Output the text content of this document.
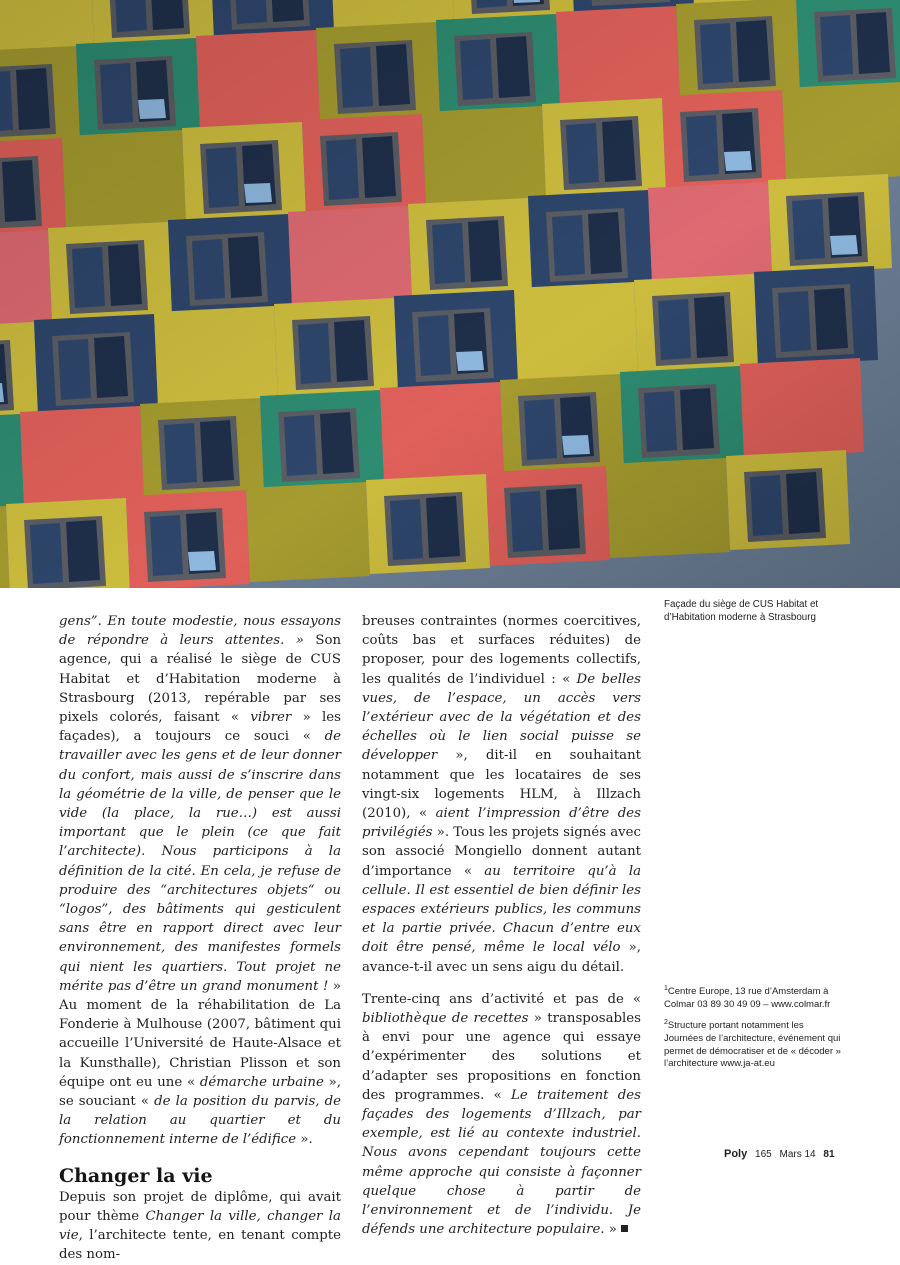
Façade du siège de CUS Habitat et d’Habitation moderne à Strasbourg

gens”. En toute modestie, nous essayons de répondre à leurs attentes. » Son agence, qui a réalisé le siège de CUS Habitat et d’Habitation moderne à Strasbourg (2013, repérable par ses pixels colorés, faisant « vibrer » les façades), a toujours ce souci « de travailler avec les gens et de leur donner du confort, mais aussi de s’inscrire dans la géométrie de la ville, de penser que le vide (la place, la rue…) est aussi important que le plein (ce que fait l’architecte). Nous participons à la définition de la cité. En cela, je refuse de produire des “architectures objets“ ou “logos”, des bâtiments qui gesticulent sans être en rapport direct avec leur environnement, des manifestes formels qui nient les quartiers. Tout projet ne mérite pas d’être un grand monument ! » Au moment de la réhabilitation de La Fonderie à Mulhouse (2007, bâtiment qui accueille l’Université de Haute-Alsace et la Kunsthalle), Christian Plisson et son équipe ont eu une « démarche urbaine », se souciant « de la position du parvis, de la relation au quartier et du fonctionnement interne de l’édifice ».

Changer la vie

Depuis son projet de diplôme, qui avait pour thème Changer la ville, changer la vie, l’architecte tente, en tenant compte des nom-

breuses contraintes (normes coercitives, coûts bas et surfaces réduites) de proposer, pour des logements collectifs, les qualités de l’individuel : « De belles vues, de l’espace, un accès vers l’extérieur avec de la végétation et des échelles où le lien social puisse se développer », dit-il en souhaitant notamment que les locataires de ses vingt-six logements HLM, à Illzach (2010), « aient l’impression d’être des privilégiés ». Tous les projets signés avec son associé Mongiello donnent autant d’importance « au territoire qu’à la cellule. Il est essentiel de bien définir les espaces extérieurs publics, les communs et la partie privée. Chacun d’entre eux doit être pensé, même le local vélo », avance-t-il avec un sens aigu du détail.

Trente-cinq ans d’activité et pas de « bibliothèque de recettes » transposables à envi pour une agence qui essaye d’expérimenter des solutions et d’adapter ses propositions en fonction des programmes. « Le traitement des façades des logements d’Illzach, par exemple, est lié au contexte industriel. Nous avons cependant toujours cette même approche qui consiste à façonner quelque chose à partir de l’environnement et de l’individu. Je défends une architecture populaire. »

$^1$Centre Europe, 13 rue d’Amsterdam à Colmar 03 89 30 49 09 – www.colmar.fr

$^2$Structure portant notamment les Journées de l’architecture, événement qui permet de démocratiser et de « décoder » l’architecture www.ja-at.eu

Poly 165 Mars 14 81
